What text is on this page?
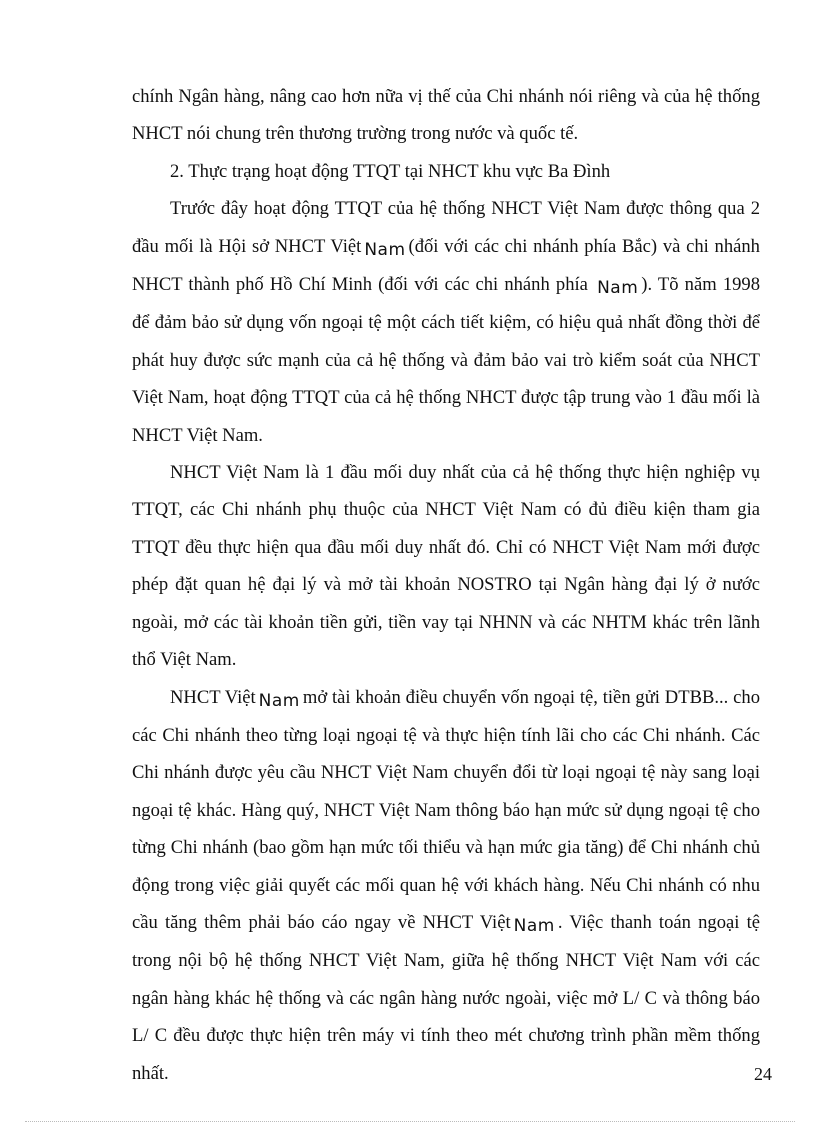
chính Ngân hàng, nâng cao hơn nữa vị thế của Chi nhánh nói riêng và của hệ thống NHCT nói chung trên thương trường trong nước và quốc tế.

2. Thực trạng hoạt động TTQT tại NHCT khu vực Ba Đình

Trước đây hoạt động TTQT của hệ thống NHCT Việt Nam được thông qua 2 đầu mối là Hội sở NHCT Việt Nam (đối với các chi nhánh phía Bắc) và chi nhánh NHCT thành phố Hồ Chí Minh (đối với các chi nhánh phía Nam ). Tõ năm 1998 để đảm bảo sử dụng vốn ngoại tệ một cách tiết kiệm, có hiệu quả nhất đồng thời để phát huy được sức mạnh của cả hệ thống và đảm bảo vai trò kiểm soát của NHCT Việt Nam, hoạt động TTQT của cả hệ thống NHCT được tập trung vào 1 đầu mối là NHCT Việt Nam.

NHCT Việt Nam là 1 đầu mối duy nhất của cả hệ thống thực hiện nghiệp vụ TTQT, các Chi nhánh phụ thuộc của NHCT Việt Nam có đủ điều kiện tham gia TTQT đều thực hiện qua đầu mối duy nhất đó. Chỉ có NHCT Việt Nam mới được phép đặt quan hệ đại lý và mở tài khoản NOSTRO tại Ngân hàng đại lý ở nước ngoài, mở các tài khoản tiền gửi, tiền vay tại NHNN và các NHTM khác trên lãnh thổ Việt Nam.

NHCT Việt Nam mở tài khoản điều chuyển vốn ngoại tệ, tiền gửi DTBB... cho các Chi nhánh theo từng loại ngoại tệ và thực hiện tính lãi cho các Chi nhánh. Các Chi nhánh được yêu cầu NHCT Việt Nam chuyển đổi từ loại ngoại tệ này sang loại ngoại tệ khác. Hàng quý, NHCT Việt Nam thông báo hạn mức sử dụng ngoại tệ cho từng Chi nhánh (bao gồm hạn mức tối thiểu và hạn mức gia tăng) để Chi nhánh chủ động trong việc giải quyết các mối quan hệ với khách hàng. Nếu Chi nhánh có nhu cầu tăng thêm phải báo cáo ngay về NHCT Việt Nam . Việc thanh toán ngoại tệ trong nội bộ hệ thống NHCT Việt Nam, giữa hệ thống NHCT Việt Nam với các ngân hàng khác hệ thống và các ngân hàng nước ngoài, việc mở L/ C và thông báo L/ C đều được thực hiện trên máy vi tính theo mét chương trình phần mềm thống nhất.	24
